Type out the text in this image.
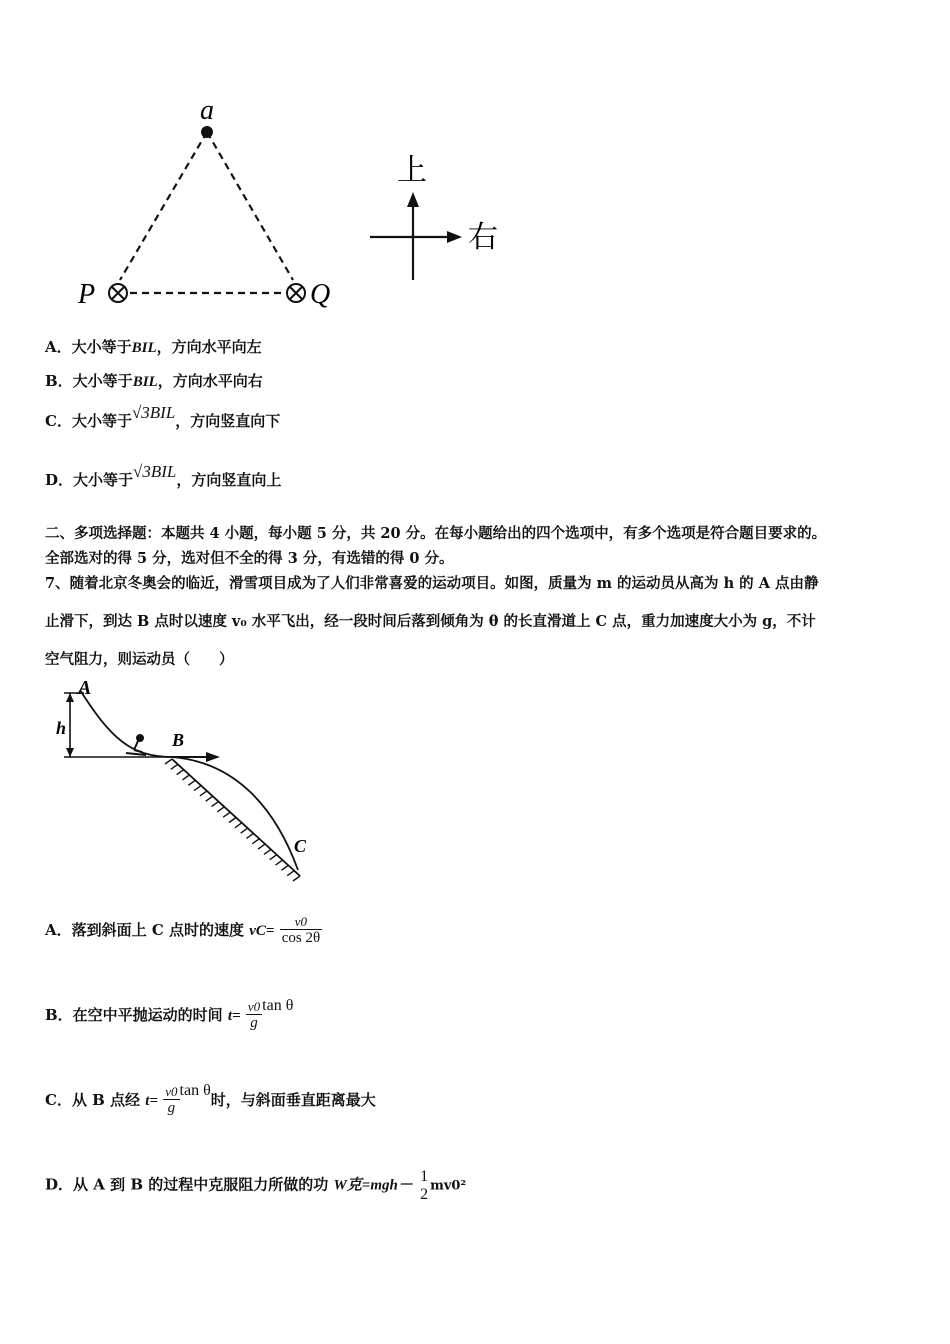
a
P	Q
上
右
A．大小等于BIL，方向水平向左
B．大小等于BIL，方向水平向右
C．大小等于√3BIL，方向竖直向下
D．大小等于√3BIL，方向竖直向上
二、多项选择题：本题共 4 小题，每小题 5 分，共 20 分。在每小题给出的四个选项中，有多个选项是符合题目要求的。
全部选对的得 5 分，选对但不全的得 3 分，有选错的得 0 分。
7、随着北京冬奥会的临近，滑雪项目成为了人们非常喜爱的运动项目。如图，质量为 m 的运动员从高为 h 的 A 点由静
止滑下，到达 B 点时以速度 v₀ 水平飞出，经一段时间后落到倾角为 θ 的长直滑道上 C 点，重力加速度大小为 g，不计
空气阻力，则运动员（　　）
A
h
B
C
A．落到斜面上 C 点时的速度 $vC= \frac{v0}{\cos 2\theta}$
B．在空中平抛运动的时间 $t= \frac{v0}{g}$ tan θ
C．从 B 点经 $t= \frac{v0}{g}$ tan θ时，与斜面垂直距离最大
D．从 A 到 B 的过程中克服阻力所做的功 W克=mgh－
1
2 mv0²
